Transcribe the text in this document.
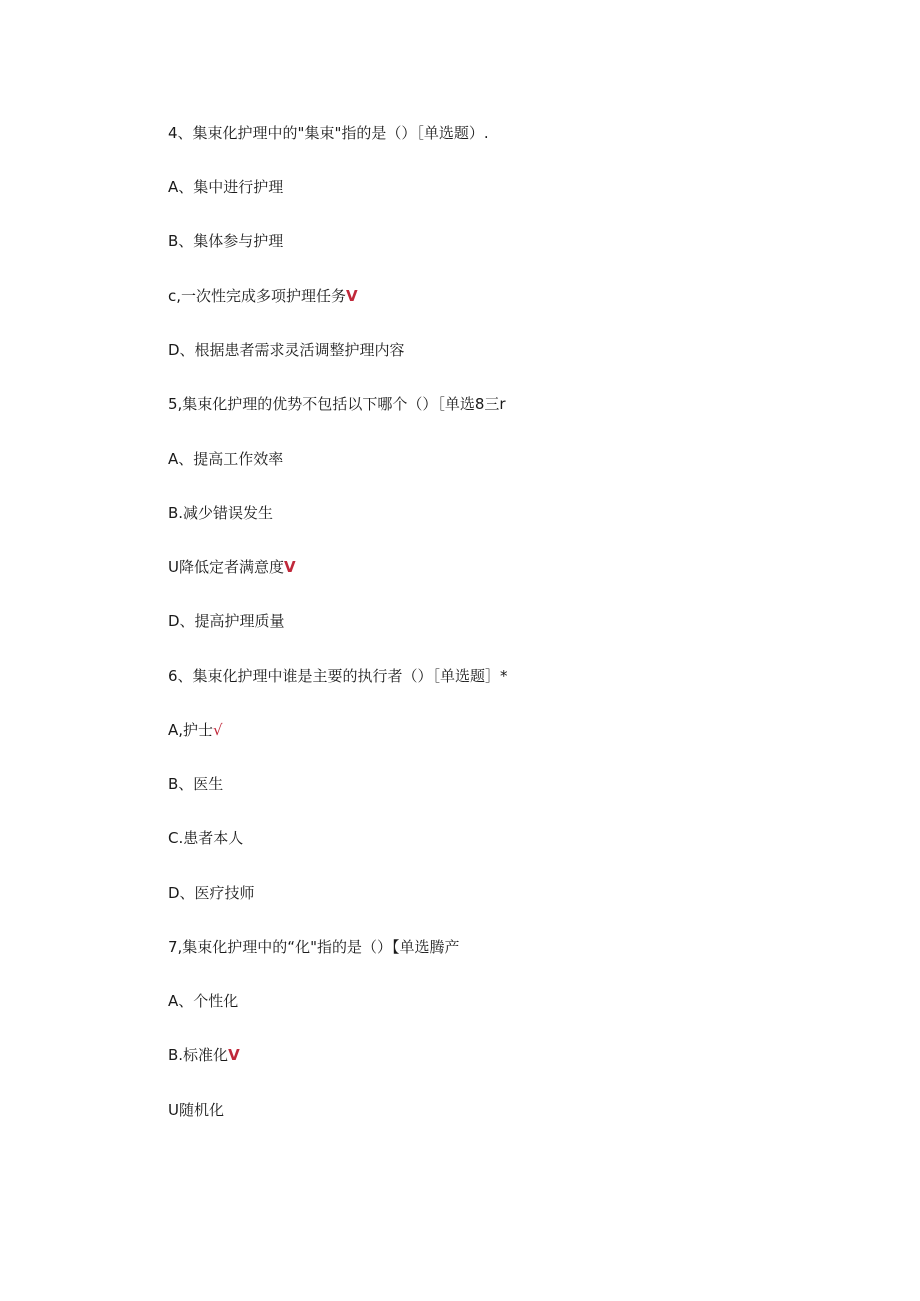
4、集束化护理中的"集束"指的是（）［单选题）.
A、集中进行护理
B、集体参与护理
c,一次性完成多项护理任务V
D、根据患者需求灵活调整护理内容
5,集束化护理的优势不包括以下哪个（）［单选8三r
A、提高工作效率
B.减少错误发生
U降低定者满意度V
D、提高护理质量
6、集束化护理中谁是主要的执行者（）［单选题］*
A,护士√
B、医生
C.患者本人
D、医疗技师
7,集束化护理中的“化"指的是（）【单选腾产
A、个性化
B.标准化V
U随机化
